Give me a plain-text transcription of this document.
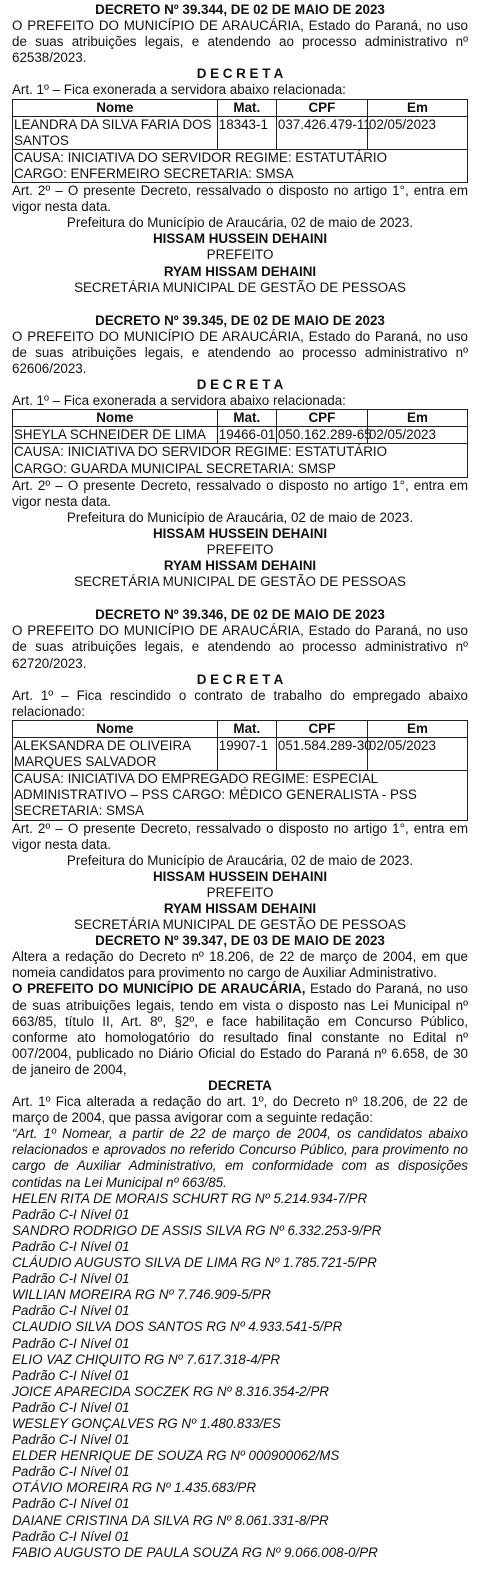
DECRETO Nº 39.344, DE 02 DE MAIO DE 2023
O PREFEITO DO MUNICÍPIO DE ARAUCÁRIA, Estado do Paraná, no uso de suas atribuições legais, e atendendo ao processo administrativo nº 62538/2023.
D E C R E T A
Art. 1º – Fica exonerada a servidora abaixo relacionada:
Nome	Mat.	CPF	Em
LEANDRA DA SILVA FARIA DOS SANTOS	18343-1	037.426.479-11	02/05/2023

CAUSA: INICIATIVA DO SERVIDOR REGIME: ESTATUTÁRIO
CARGO: ENFERMEIRO SECRETARIA: SMSA			
Art. 2º – O presente Decreto, ressalvado o disposto no artigo 1°, entra em vigor nesta data.
Prefeitura do Município de Araucária, 02 de maio de 2023.
HISSAM HUSSEIN DEHAINI
PREFEITO
RYAM HISSAM DEHAINI
SECRETÁRIA MUNICIPAL DE GESTÃO DE PESSOAS
DECRETO Nº 39.345, DE 02 DE MAIO DE 2023
O PREFEITO DO MUNICÍPIO DE ARAUCÁRIA, Estado do Paraná, no uso de suas atribuições legais, e atendendo ao processo administrativo nº 62606/2023.
D E C R E T A
Art. 1º – Fica exonerada a servidora abaixo relacionada:
Nome	Mat.	CPF	Em
SHEYLA SCHNEIDER DE LIMA	19466-01	050.162.289-65	02/05/2023

CAUSA: INICIATIVA DO SERVIDOR REGIME: ESTATUTÁRIO
CARGO: GUARDA MUNICIPAL SECRETARIA: SMSP			
Art. 2º – O presente Decreto, ressalvado o disposto no artigo 1°, entra em vigor nesta data.
Prefeitura do Município de Araucária, 02 de maio de 2023.
HISSAM HUSSEIN DEHAINI
PREFEITO
RYAM HISSAM DEHAINI
SECRETÁRIA MUNICIPAL DE GESTÃO DE PESSOAS
DECRETO Nº 39.346, DE 02 DE MAIO DE 2023
O PREFEITO DO MUNICÍPIO DE ARAUCÁRIA, Estado do Paraná, no uso de suas atribuições legais, e atendendo ao processo administrativo nº 62720/2023.
D E C R E T A
Art. 1º – Fica rescindido o contrato de trabalho do empregado abaixo relacionado:
Nome	Mat.	CPF	Em
ALEKSANDRA DE OLIVEIRA MARQUES SALVADOR	19907-1	051.584.289-30	02/05/2023

CAUSA: INICIATIVA DO EMPREGADO REGIME: ESPECIAL ADMINISTRATIVO – PSS CARGO: MÉDICO GENERALISTA - PSS SECRETARIA: SMSA			
Art. 2º – O presente Decreto, ressalvado o disposto no artigo 1°, entra em vigor nesta data.
Prefeitura do Município de Araucária, 02 de maio de 2023.
HISSAM HUSSEIN DEHAINI
PREFEITO
RYAM HISSAM DEHAINI
SECRETÁRIA MUNICIPAL DE GESTÃO DE PESSOAS
DECRETO Nº 39.347, DE 03 DE MAIO DE 2023
Altera a redação do Decreto nº 18.206, de 22 de março de 2004, em que nomeia candidatos para provimento no cargo de Auxiliar Administrativo.
O PREFEITO DO MUNICÍPIO DE ARAUCÁRIA, Estado do Paraná, no uso de suas atribuições legais, tendo em vista o disposto nas Lei Municipal nº 663/85, título II, Art. 8º, §2º, e face habilitação em Concurso Público, conforme ato homologatório do resultado final constante no Edital nº 007/2004, publicado no Diário Oficial do Estado do Paraná nº 6.658, de 30 de janeiro de 2004,
DECRETA
Art. 1º Fica alterada a redação do art. 1º, do Decreto nº 18.206, de 22 de março de 2004, que passa avigorar com a seguinte redação:
“Art. 1º Nomear, a partir de 22 de março de 2004, os candidatos abaixo relacionados e aprovados no referido Concurso Público, para provimento no cargo de Auxiliar Administrativo, em conformidade com as disposições contidas na Lei Municipal nº 663/85.
HELEN RITA DE MORAIS SCHURT RG Nº 5.214.934-7/PR
Padrão C-I Nível 01
SANDRO RODRIGO DE ASSIS SILVA RG Nº 6.332.253-9/PR
Padrão C-I Nível 01
CLÁUDIO AUGUSTO SILVA DE LIMA RG Nº 1.785.721-5/PR
Padrão C-I Nível 01
WILLIAN MOREIRA RG Nº 7.746.909-5/PR
Padrão C-I Nível 01
CLAUDIO SILVA DOS SANTOS RG Nº 4.933.541-5/PR
Padrão C-I Nível 01
ELIO VAZ CHIQUITO RG Nº 7.617.318-4/PR
Padrão C-I Nível 01
JOICE APARECIDA SOCZEK RG Nº 8.316.354-2/PR
Padrão C-I Nível 01
WESLEY GONÇALVES RG Nº 1.480.833/ES
Padrão C-I Nível 01
ELDER HENRIQUE DE SOUZA RG Nº 000900062/MS
Padrão C-I Nível 01
OTÁVIO MOREIRA RG Nº 1.435.683/PR
Padrão C-I Nível 01
DAIANE CRISTINA DA SILVA RG Nº 8.061.331-8/PR
Padrão C-I Nível 01
FABIO AUGUSTO DE PAULA SOUZA RG Nº 9.066.008-0/PR
